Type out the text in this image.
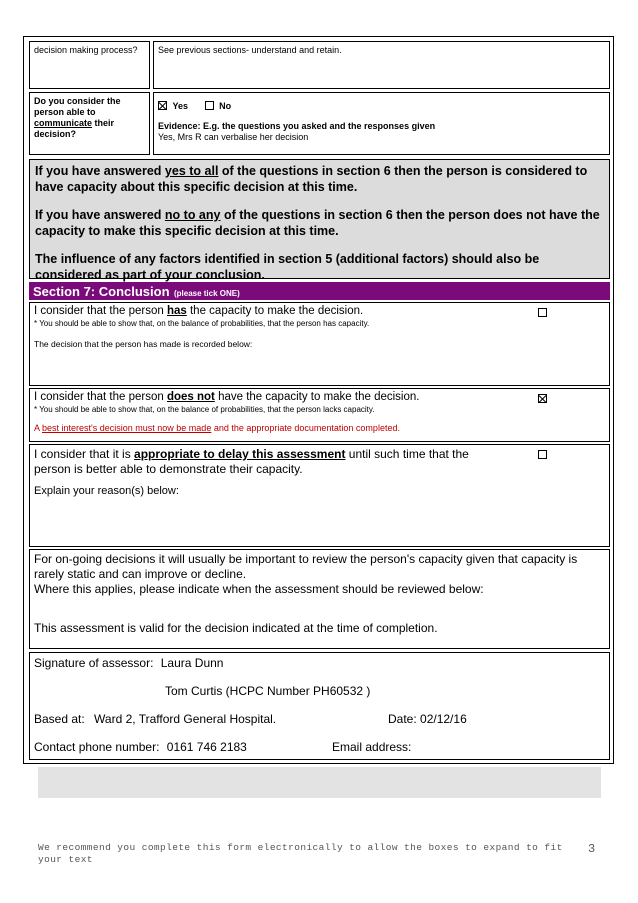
decision making process?	See previous sections- understand and retain.
Do you consider the person able to communicate their decision?
Yes	No
Evidence: E.g. the questions you asked and the responses given
Yes, Mrs R can verbalise her decision

If you have answered yes to all of the questions in section 6 then the person is considered to have capacity about this specific decision at this time.

If you have answered no to any of the questions in section 6 then the person does not have the capacity to make this specific decision at this time.

The influence of any factors identified in section 5 (additional factors) should also be considered as part of your conclusion.

Section 7: Conclusion (please tick ONE)
I consider that the person has the capacity to make the decision.
* You should be able to show that, on the balance of probabilities, that the person has capacity.
The decision that the person has made is recorded below:
I consider that the person does not have the capacity to make the decision.
* You should be able to show that, on the balance of probabilities, that the person lacks capacity.
A best interest's decision must now be made and the appropriate documentation completed.
I consider that it is appropriate to delay this assessment until such time that the person is better able to demonstrate their capacity.
Explain your reason(s) below:
For on-going decisions it will usually be important to review the person's capacity given that capacity is rarely static and can improve or decline.
Where this applies, please indicate when the assessment should be reviewed below:
This assessment is valid for the decision indicated at the time of completion.
Signature of assessor: Laura Dunn
Tom Curtis (HCPC Number PH60532 )
Based at: Ward 2, Trafford General Hospital.	Date: 02/12/16
Contact phone number: 0161 746 2183	Email address:
We recommend you complete this form electronically to allow the boxes to expand to fit your text
3
